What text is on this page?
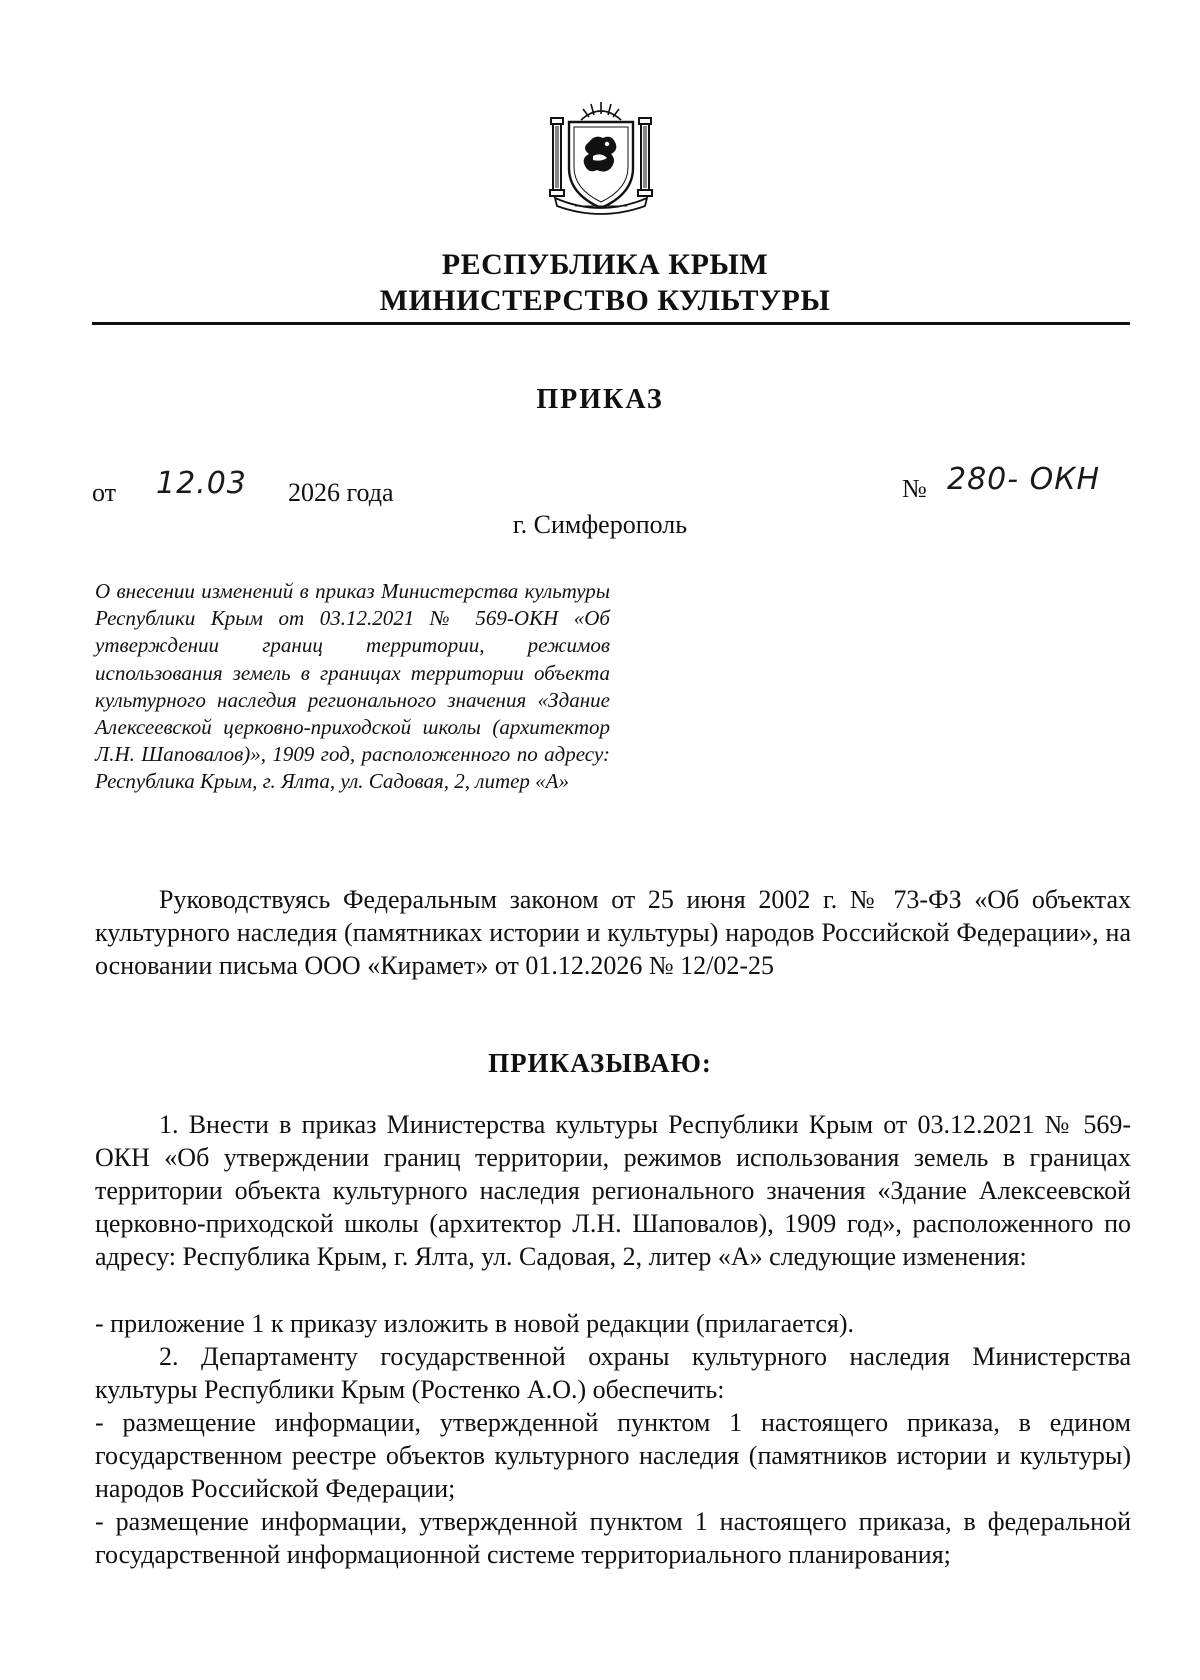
РЕСПУБЛИКА КРЫМ
МИНИСТЕРСТВО КУЛЬТУРЫ
ПРИКАЗ
от 12.03 2026 года	№ 280- ОКН
г. Симферополь
О внесении изменений в приказ Министерства культуры Республики Крым от 03.12.2021 № 569-ОКН «Об утверждении границ территории, режимов использования земель в границах территории объекта культурного наследия регионального значения «Здание Алексеевской церковно-приходской школы (архитектор Л.Н. Шаповалов)», 1909 год, расположенного по адресу: Республика Крым, г. Ялта, ул. Садовая, 2, литер «А»
Руководствуясь Федеральным законом от 25 июня 2002 г. № 73-ФЗ «Об объектах культурного наследия (памятниках истории и культуры) народов Российской Федерации», на основании письма ООО «Кирамет» от 01.12.2026 № 12/02-25
ПРИКАЗЫВАЮ:
1. Внести в приказ Министерства культуры Республики Крым от 03.12.2021 № 569-ОКН «Об утверждении границ территории, режимов использования земель в границах территории объекта культурного наследия регионального значения «Здание Алексеевской церковно-приходской школы (архитектор Л.Н. Шаповалов), 1909 год», расположенного по адресу: Республика Крым, г. Ялта, ул. Садовая, 2, литер «А» следующие изменения:
- приложение 1 к приказу изложить в новой редакции (прилагается).
2. Департаменту государственной охраны культурного наследия Министерства культуры Республики Крым (Ростенко А.О.) обеспечить:
- размещение информации, утвержденной пунктом 1 настоящего приказа, в едином государственном реестре объектов культурного наследия (памятников истории и культуры) народов Российской Федерации;
- размещение информации, утвержденной пунктом 1 настоящего приказа, в федеральной государственной информационной системе территориального планирования;
